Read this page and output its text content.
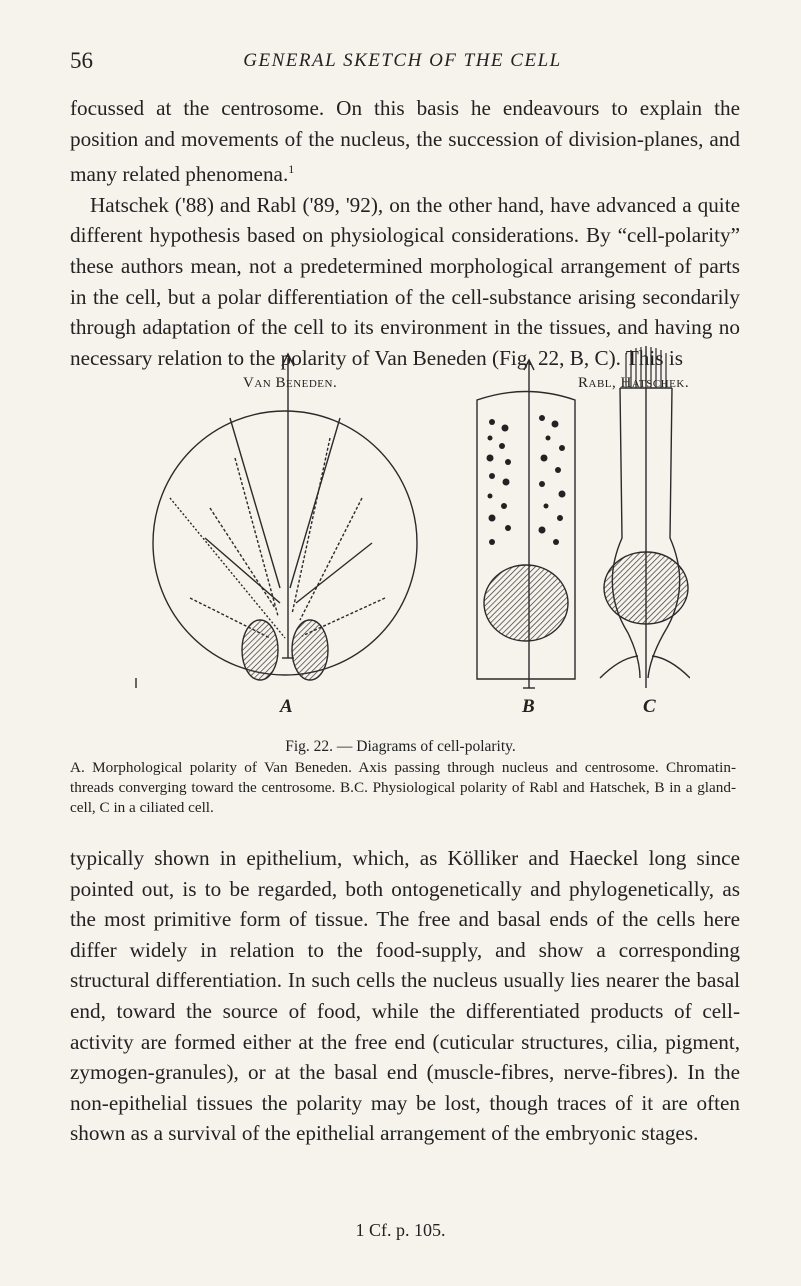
56	GENERAL SKETCH OF THE CELL

focussed at the centrosome. On this basis he endeavours to explain the position and movements of the nucleus, the succession of division-planes, and many related phenomena.$^1$

Hatschek ('88) and Rabl ('89, '92), on the other hand, have advanced a quite different hypothesis based on physiological considerations. By “cell-polarity” these authors mean, not a predetermined morphological arrangement of parts in the cell, but a polar differentiation of the cell-substance arising secondarily through adaptation of the cell to its environment in the tissues, and having no necessary relation to the polarity of Van Beneden (Fig. 22, B, C). This is

A	B	C
Van Beneden.	Rabl, Hatschek.
Fig. 22. — Diagrams of cell-polarity.

A. Morphological polarity of Van Beneden. Axis passing through nucleus and centrosome. Chromatin-threads converging toward the centrosome. B.C. Physiological polarity of Rabl and Hatschek, B in a gland-cell, C in a ciliated cell.

typically shown in epithelium, which, as Kölliker and Haeckel long since pointed out, is to be regarded, both ontogenetically and phylogenetically, as the most primitive form of tissue. The free and basal ends of the cells here differ widely in relation to the food-supply, and show a corresponding structural differentiation. In such cells the nucleus usually lies nearer the basal end, toward the source of food, while the differentiated products of cell-activity are formed either at the free end (cuticular structures, cilia, pigment, zymogen-granules), or at the basal end (muscle-fibres, nerve-fibres). In the non-epithelial tissues the polarity may be lost, though traces of it are often shown as a survival of the epithelial arrangement of the embryonic stages.

1 Cf. p. 105.
